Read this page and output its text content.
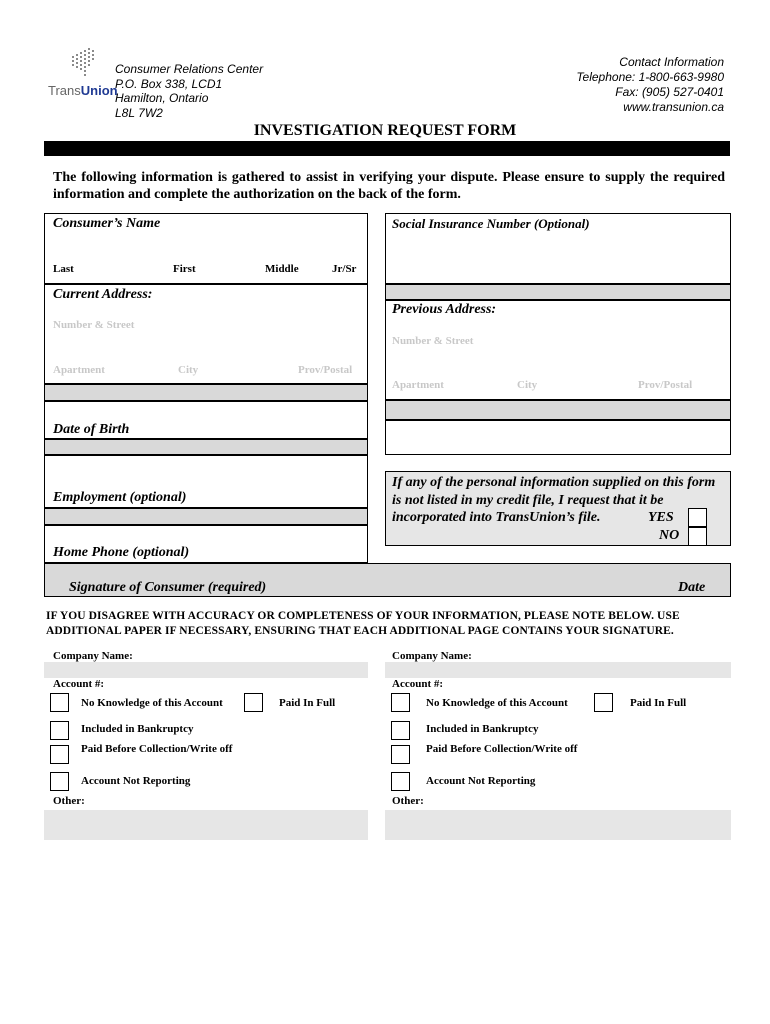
TransUnion
Consumer Relations Center
P.O. Box 338, LCD1
Hamilton, Ontario
L8L 7W2
Contact Information
Telephone: 1-800-663-9980
Fax: (905) 527-0401
www.transunion.ca
INVESTIGATION REQUEST FORM
The following information is gathered to assist in verifying your dispute. Please ensure to supply the required information and complete the authorization on the back of the form.
Consumer’s Name
Last	First	Middle	Jr/Sr
Current Address:
Number & Street
Apartment	City	Prov/Postal
Date of Birth
Employment (optional)
Home Phone (optional)
Social Insurance Number (Optional)
Previous Address:
Number & Street
Apartment	City	Prov/Postal
If any of the personal information supplied on this form is not listed in my credit file, I request that it be incorporated into TransUnion’s file.	YES
NO
Signature of Consumer (required)	Date
IF YOU DISAGREE WITH ACCURACY OR COMPLETENESS OF YOUR INFORMATION, PLEASE NOTE BELOW. USE ADDITIONAL PAPER IF NECESSARY, ENSURING THAT EACH ADDITIONAL PAGE CONTAINS YOUR SIGNATURE.
Company Name:
Account #:
No Knowledge of this Account	Paid In Full
Included in Bankruptcy
Paid Before Collection/Write off
Account Not Reporting
Other:
Company Name:
Account #:
No Knowledge of this Account	Paid In Full
Included in Bankruptcy
Paid Before Collection/Write off
Account Not Reporting
Other:
